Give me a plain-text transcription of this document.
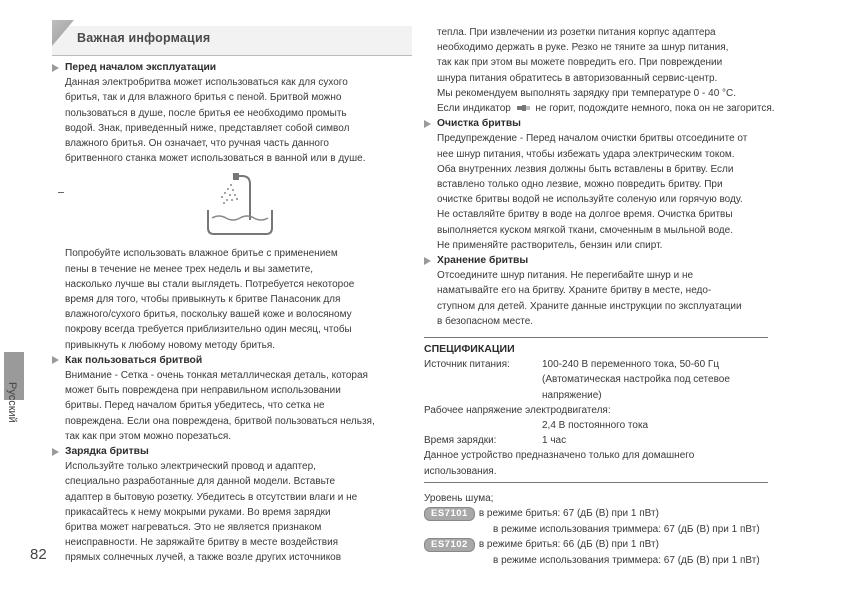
Важная информация
Русский
82
Перед началом эксплуатации
Данная электробритва может использоваться как для сухого
бритья, так и для влажного бритья с пеной. Бритвой можно
пользоваться в душе, после бритья ее необходимо промыть
водой. Знак, приведенный ниже, представляет собой символ
влажного бритья. Он означает, что ручная часть данного
бритвенного станка может использоваться в ванной или в душе.
Попробуйте использовать влажное бритье с применением
пены в течение не менее трех недель и вы заметите,
насколько лучше вы стали выглядеть. Потребуется некоторое
время для того, чтобы привыкнуть к бритве Панасоник для
влажного/сухого бритья, поскольку вашей коже и волосяному
покрову всегда требуется приблизительно один месяц, чтобы
привыкнуть к любому новому методу бритья.
Как пользоваться бритвой
Внимание - Сетка - очень тонкая металлическая деталь, которая
может быть повреждена при неправильном использовании
бритвы. Перед началом бритья убедитесь, что сетка не
повреждена. Если она повреждена, бритвой пользоваться нельзя,
так как при этом можно порезаться.
Зарядка бритвы
Используйте только электрический провод и адаптер,
специально разработанные для данной модели. Вставьте
адаптер в бытовую розетку. Убедитесь в отсутствии влаги и не
прикасайтесь к нему мокрыми руками. Во время зарядки
бритва может нагреваться. Это не является признаком
неисправности. Не заряжайте бритву в месте воздействия
прямых солнечных лучей, а также возле других источников
тепла. При извлечении из розетки питания корпус адаптера
необходимо держать в руке. Резко не тяните за шнур питания,
так как при этом вы можете повредить его. При повреждении
шнура питания обратитесь в авторизованный сервис-центр.
Мы рекомендуем выполнять зарядку при температуре 0 - 40 °С.
Если индикатор не горит, подождите немного, пока он не загорится.
Очистка бритвы
Предупреждение - Перед началом очистки бритвы отсоедините от
нее шнур питания, чтобы избежать удара электрическим током.
Оба внутренних лезвия должны быть вставлены в бритву. Если
вставлено только одно лезвие, можно повредить бритву. При
очистке бритвы водой не используйте соленую или горячую воду.
Не оставляйте бритву в воде на долгое время. Очистка бритвы
выполняется куском мягкой ткани, смоченным в мыльной воде.
Не применяйте растворитель, бензин или спирт.
Хранение бритвы
Отсоедините шнур питания. Не перегибайте шнур и не
наматывайте его на бритву. Храните бритву в месте, недо-
ступном для детей. Храните данные инструкции по эксплуатации
в безопасном месте.
СПЕЦИФИКАЦИИ
Источник питания:	100-240 В переменного тока, 50-60 Гц
(Автоматическая настройка под сетевое
напряжение)
Рабочее напряжение электродвигателя:
2,4 В постоянного тока
Время зарядки:	1 час
Данное устройство предназначено только для домашнего
использования.
Уровень шума;
ES7101	в режиме бритья: 67 (дБ (В) при 1 пВт)
в режиме использования триммера: 67 (дБ (В) при 1 пВт)
ES7102	в режиме бритья: 66 (дБ (В) при 1 пВт)
в режиме использования триммера: 67 (дБ (В) при 1 пВт)
